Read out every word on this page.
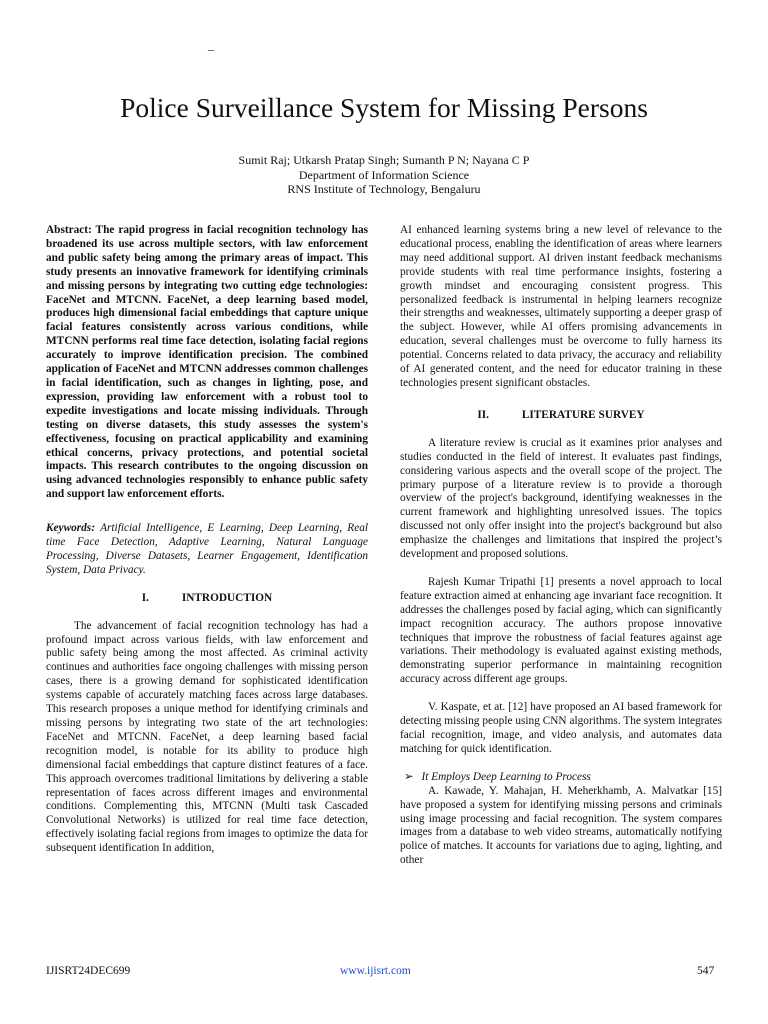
–
Police Surveillance System for Missing Persons
Sumit Raj; Utkarsh Pratap Singh; Sumanth P N; Nayana C P
Department of Information Science
RNS Institute of Technology, Bengaluru

Abstract: The rapid progress in facial recognition technology has broadened its use across multiple sectors, with law enforcement and public safety being among the primary areas of impact. This study presents an innovative framework for identifying criminals and missing persons by integrating two cutting edge technologies: FaceNet and MTCNN. FaceNet, a deep learning based model, produces high dimensional facial embeddings that capture unique facial features consistently across various conditions, while MTCNN performs real time face detection, isolating facial regions accurately to improve identification precision. The combined application of FaceNet and MTCNN addresses common challenges in facial identification, such as changes in lighting, pose, and expression, providing law enforcement with a robust tool to expedite investigations and locate missing individuals. Through testing on diverse datasets, this study assesses the system's effectiveness, focusing on practical applicability and examining ethical concerns, privacy protections, and potential societal impacts. This research contributes to the ongoing discussion on using advanced technologies responsibly to enhance public safety and support law enforcement efforts.

Keywords: Artificial Intelligence, E Learning, Deep Learning, Real time Face Detection, Adaptive Learning, Natural Language Processing, Diverse Datasets, Learner Engagement, Identification System, Data Privacy.

I.	INTRODUCTION

The advancement of facial recognition technology has had a profound impact across various fields, with law enforcement and public safety being among the most affected. As criminal activity continues and authorities face ongoing challenges with missing person cases, there is a growing demand for sophisticated identification systems capable of accurately matching faces across large databases. This research proposes a unique method for identifying criminals and missing persons by integrating two state of the art technologies: FaceNet and MTCNN. FaceNet, a deep learning based facial recognition model, is notable for its ability to produce high dimensional facial embeddings that capture distinct features of a face. This approach overcomes traditional limitations by delivering a stable representation of faces across different images and environmental conditions. Complementing this, MTCNN (Multi task Cascaded Convolutional Networks) is utilized for real time face detection, effectively isolating facial regions from images to optimize the data for subsequent identification In addition,

AI enhanced learning systems bring a new level of relevance to the educational process, enabling the identification of areas where learners may need additional support. AI driven instant feedback mechanisms provide students with real time performance insights, fostering a growth mindset and encouraging consistent progress. This personalized feedback is instrumental in helping learners recognize their strengths and weaknesses, ultimately supporting a deeper grasp of the subject. However, while AI offers promising advancements in education, several challenges must be overcome to fully harness its potential. Concerns related to data privacy, the accuracy and reliability of AI generated content, and the need for educator training in these technologies present significant obstacles.

II.	LITERATURE SURVEY

A literature review is crucial as it examines prior analyses and studies conducted in the field of interest. It evaluates past findings, considering various aspects and the overall scope of the project. The primary purpose of a literature review is to provide a thorough overview of the project's background, identifying weaknesses in the current framework and highlighting unresolved issues. The topics discussed not only offer insight into the project's background but also emphasize the challenges and limitations that inspired the project’s development and proposed solutions.

Rajesh Kumar Tripathi [1] presents a novel approach to local feature extraction aimed at enhancing age invariant face recognition. It addresses the challenges posed by facial aging, which can significantly impact recognition accuracy. The authors propose innovative techniques that improve the robustness of facial features against age variations. Their methodology is evaluated against existing methods, demonstrating superior performance in maintaining recognition accuracy across different age groups.

V. Kaspate, et at. [12] have proposed an AI based framework for detecting missing people using CNN algorithms. The system integrates facial recognition, image, and video analysis, and automates data matching for quick identification.

➢ It Employs Deep Learning to Process

A. Kawade, Y. Mahajan, H. Meherkhamb, A. Malvatkar [15] have proposed a system for identifying missing persons and criminals using image processing and facial recognition. The system compares images from a database to web video streams, automatically notifying police of matches. It accounts for variations due to aging, lighting, and other

IJISRT24DEC699	www.ijisrt.com	547
